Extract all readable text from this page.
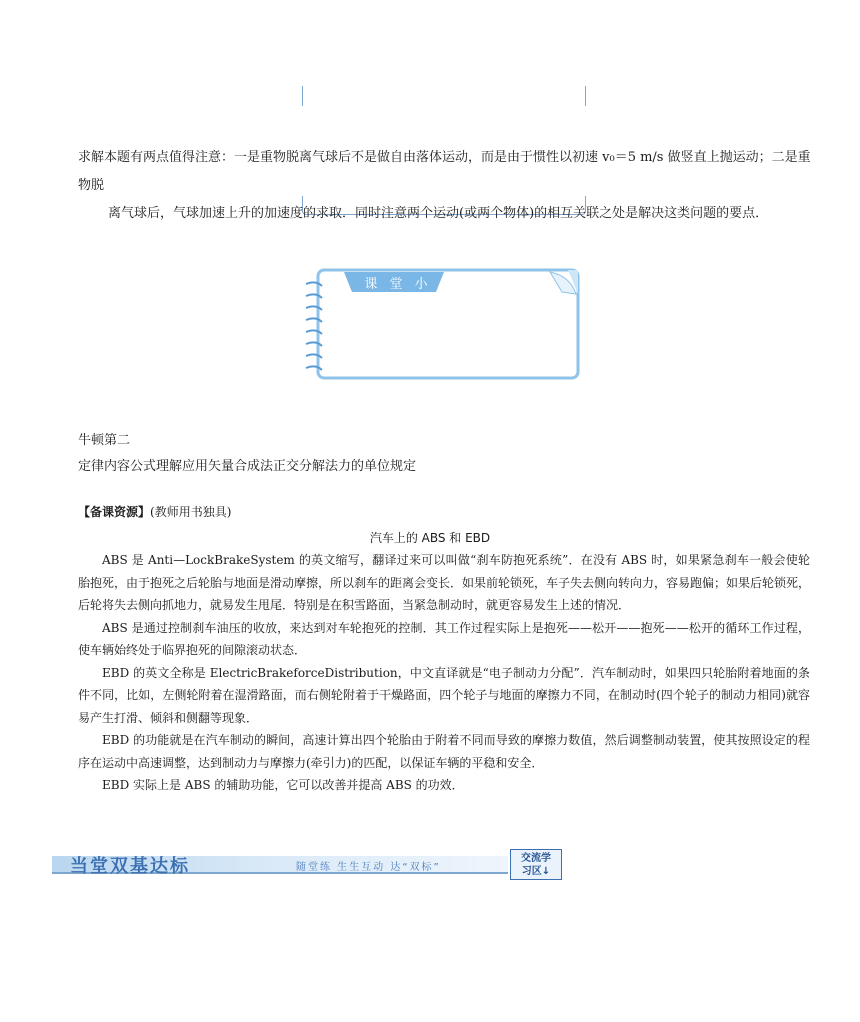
求解本题有两点值得注意：一是重物脱离气球后不是做自由落体运动，而是由于惯性以初速 v₀＝5 m/s 做竖直上抛运动；二是重物脱
离气球后，气球加速上升的加速度的求取．同时注意两个运动(或两个物体)的相互关联之处是解决这类问题的要点．
课 堂 小 结
牛顿第二
定律内容公式理解应用矢量合成法正交分解法力的单位规定
【备课资源】(教师用书独具)
汽车上的 ABS 和 EBD

ABS 是 Anti—LockBrakeSystem 的英文缩写，翻译过来可以叫做“刹车防抱死系统”．在没有 ABS 时，如果紧急刹车一般会使轮胎抱死，由于抱死之后轮胎与地面是滑动摩擦，所以刹车的距离会变长．如果前轮锁死，车子失去侧向转向力，容易跑偏；如果后轮锁死，后轮将失去侧向抓地力，就易发生甩尾．特别是在积雪路面，当紧急制动时，就更容易发生上述的情况．

ABS 是通过控制刹车油压的收放，来达到对车轮抱死的控制．其工作过程实际上是抱死——松开——抱死——松开的循环工作过程，使车辆始终处于临界抱死的间隙滚动状态．

EBD 的英文全称是 ElectricBrakeforceDistribution，中文直译就是“电子制动力分配”．汽车制动时，如果四只轮胎附着地面的条件不同，比如，左侧轮附着在湿滑路面，而右侧轮附着于干燥路面，四个轮子与地面的摩擦力不同，在制动时(四个轮子的制动力相同)就容易产生打滑、倾斜和侧翻等现象．

EBD 的功能就是在汽车制动的瞬间，高速计算出四个轮胎由于附着不同而导致的摩擦力数值，然后调整制动装置，使其按照设定的程序在运动中高速调整，达到制动力与摩擦力(牵引力)的匹配，以保证车辆的平稳和安全．

EBD 实际上是 ABS 的辅助功能，它可以改善并提高 ABS 的功效．

当堂双基达标	随堂练 生生互动 达“双标”
交流学
习区↓
